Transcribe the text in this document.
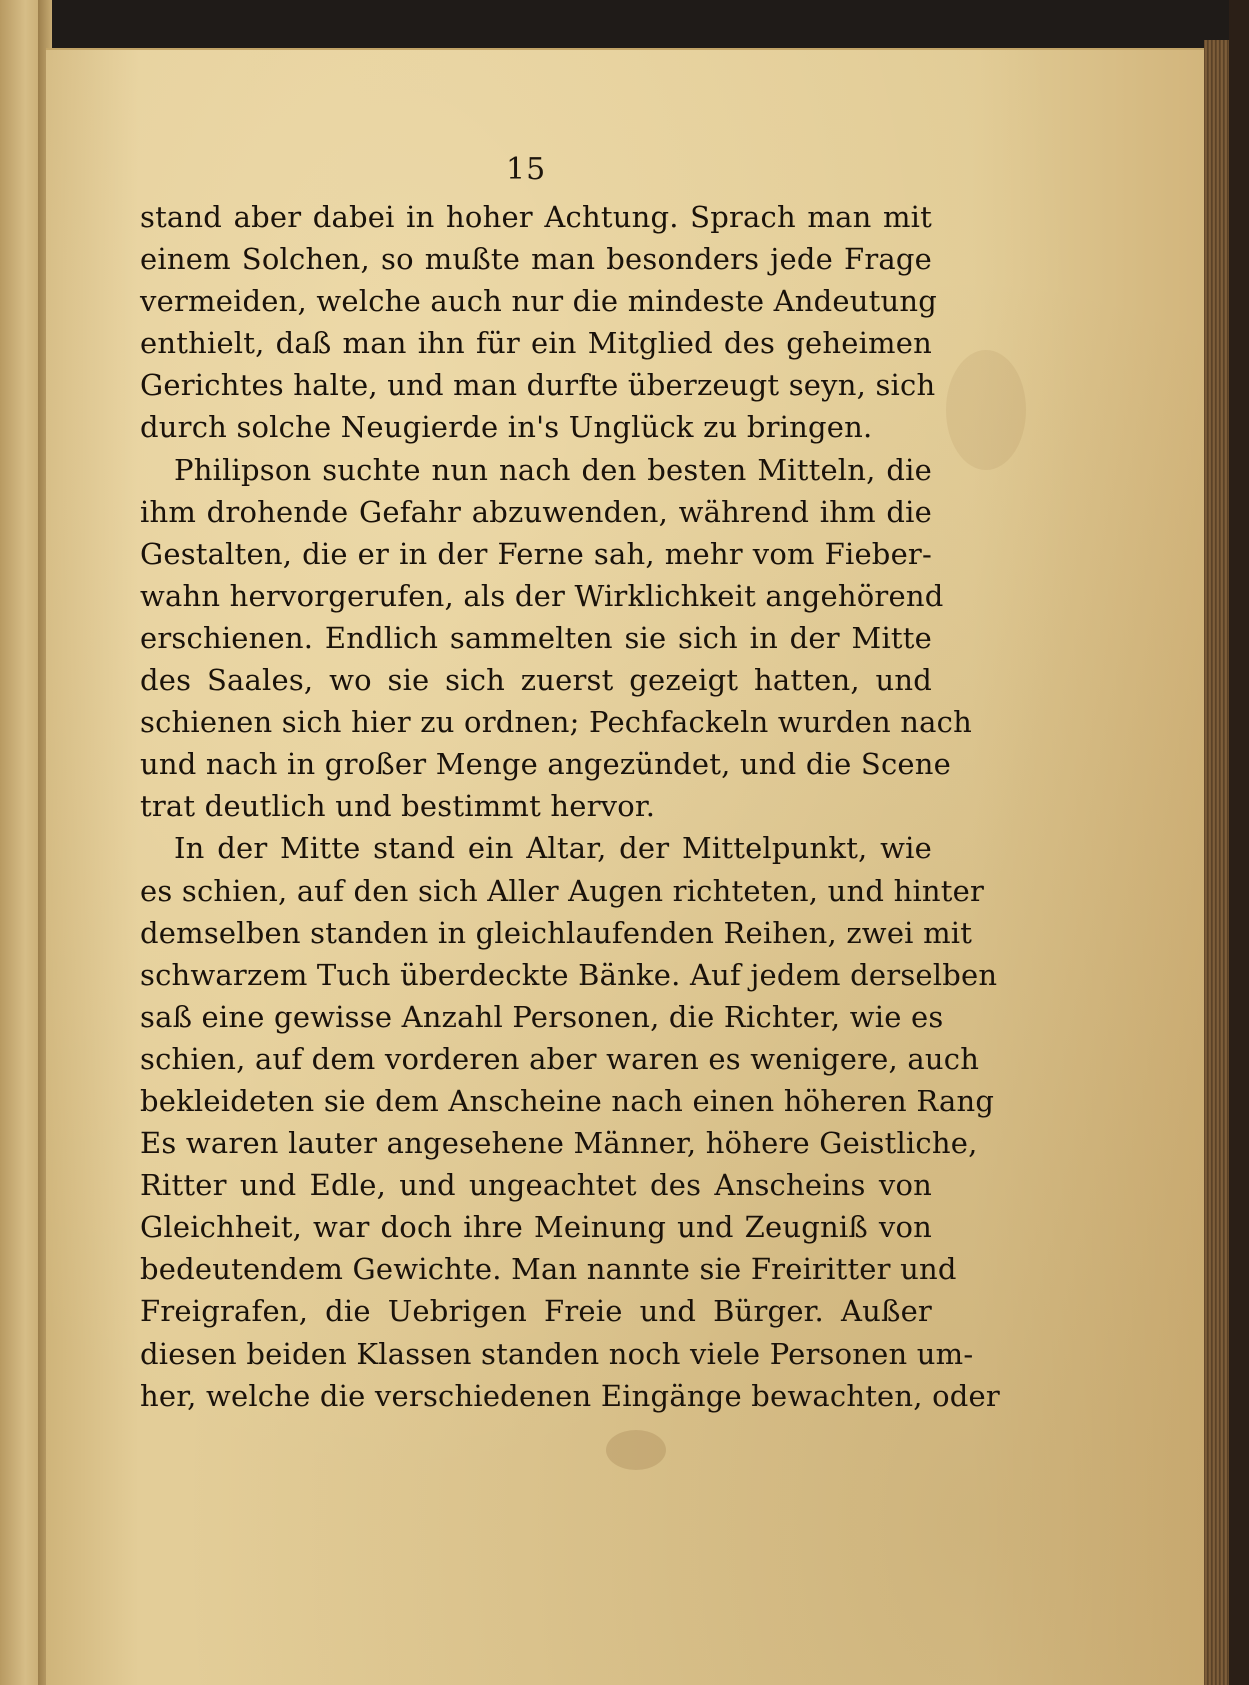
15
stand aber dabei in hoher Achtung. Sprach man mit
einem Solchen, so mußte man besonders jede Frage
vermeiden, welche auch nur die mindeste Andeutung
enthielt, daß man ihn für ein Mitglied des geheimen
Gerichtes halte, und man durfte überzeugt seyn, sich
durch solche Neugierde in's Unglück zu bringen.
Philipson suchte nun nach den besten Mitteln, die
ihm drohende Gefahr abzuwenden, während ihm die
Gestalten, die er in der Ferne sah, mehr vom Fieber-
wahn hervorgerufen, als der Wirklichkeit angehörend
erschienen. Endlich sammelten sie sich in der Mitte
des Saales, wo sie sich zuerst gezeigt hatten, und
schienen sich hier zu ordnen; Pechfackeln wurden nach
und nach in großer Menge angezündet, und die Scene
trat deutlich und bestimmt hervor.
In der Mitte stand ein Altar, der Mittelpunkt, wie
es schien, auf den sich Aller Augen richteten, und hinter
demselben standen in gleichlaufenden Reihen, zwei mit
schwarzem Tuch überdeckte Bänke. Auf jedem derselben
saß eine gewisse Anzahl Personen, die Richter, wie es
schien, auf dem vorderen aber waren es wenigere, auch
bekleideten sie dem Anscheine nach einen höheren Rang
Es waren lauter angesehene Männer, höhere Geistliche,
Ritter und Edle, und ungeachtet des Anscheins von
Gleichheit, war doch ihre Meinung und Zeugniß von
bedeutendem Gewichte. Man nannte sie Freiritter und
Freigrafen, die Uebrigen Freie und Bürger. Außer
diesen beiden Klassen standen noch viele Personen um-
her, welche die verschiedenen Eingänge bewachten, oder
